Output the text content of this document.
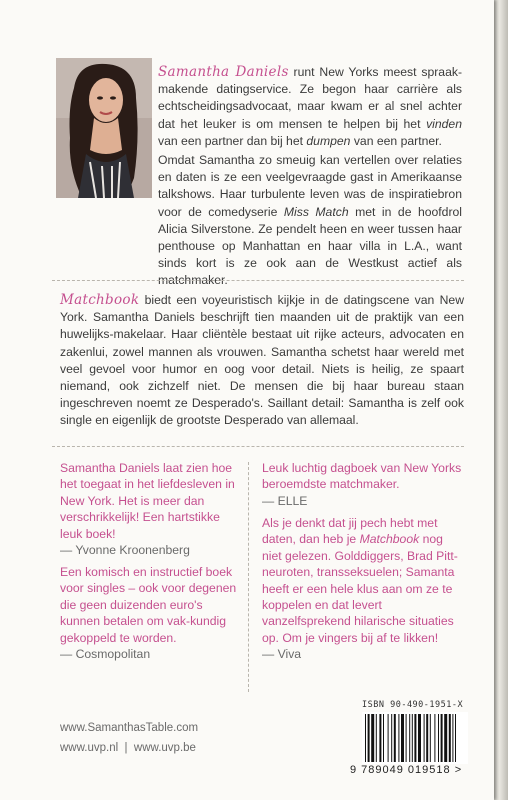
Samantha Daniels runt New Yorks meest spraak-makende datingservice. Ze begon haar carrière als echtscheidingsadvocaat, maar kwam er al snel achter dat het leuker is om mensen te helpen bij het vinden van een partner dan bij het dumpen van een partner.

Omdat Samantha zo smeuig kan vertellen over relaties en daten is ze een veelgevraagde gast in Amerikaanse talkshows. Haar turbulente leven was de inspiratiebron voor de comedyserie Miss Match met in de hoofdrol Alicia Silverstone. Ze pendelt heen en weer tussen haar penthouse op Manhattan en haar villa in L.A., want sinds kort is ze ook aan de Westkust actief als matchmaker.

Matchbook biedt een voyeuristisch kijkje in de datingscene van New York. Samantha Daniels beschrijft tien maanden uit de praktijk van een huwelijks-makelaar. Haar cliëntèle bestaat uit rijke acteurs, advocaten en zakenlui, zowel mannen als vrouwen. Samantha schetst haar wereld met veel gevoel voor humor en oog voor detail. Niets is heilig, ze spaart niemand, ook zichzelf niet. De mensen die bij haar bureau staan ingeschreven noemt ze Desperado's. Saillant detail: Samantha is zelf ook single en eigenlijk de grootste Desperado van allemaal.

Samantha Daniels laat zien hoe het toegaat in het liefdesleven in New York. Het is meer dan verschrikkelijk! Een hartstikke leuk boek!
— Yvonne Kroonenberg
Een komisch en instructief boek voor singles – ook voor degenen die geen duizenden euro's kunnen betalen om vak-kundig gekoppeld te worden.
— Cosmopolitan
Leuk luchtig dagboek van New Yorks beroemdste matchmaker.
— ELLE
Als je denkt dat jij pech hebt met daten, dan heb je Matchbook nog niet gelezen. Golddiggers, Brad Pitt-neuroten, transseksuelen; Samanta heeft er een hele klus aan om ze te koppelen en dat levert vanzelfsprekend hilarische situaties op. Om je vingers bij af te likken!
— Viva
www.SamanthasTable.com
www.uvp.nl  |  www.uvp.be
ISBN 90-490-1951-X
9 789049 019518 >
